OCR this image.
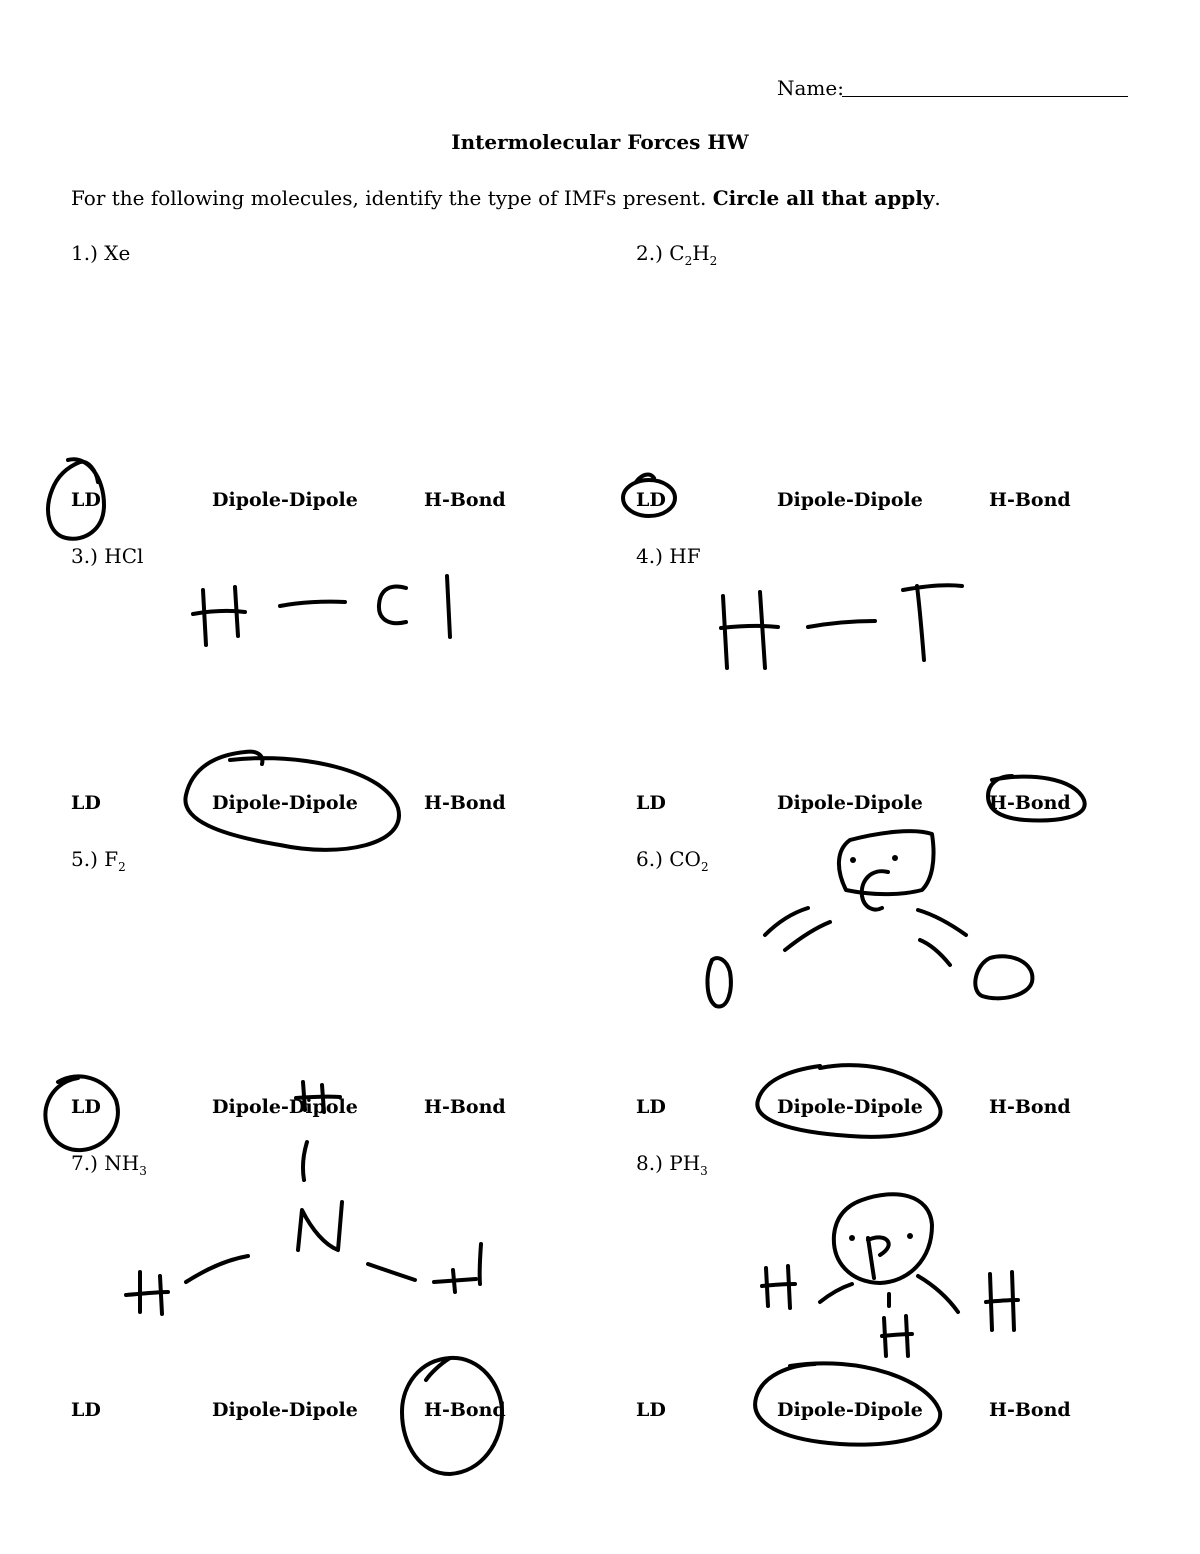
Name:
Intermolecular Forces HW
For the following molecules, identify the type of IMFs present. Circle all that apply.
1.) Xe	2.) $C_2H_2$
LD	Dipole-Dipole	H-Bond	LD	Dipole-Dipole	H-Bond
3.) HCl	4.) HF
LD	Dipole-Dipole	H-Bond	LD	Dipole-Dipole	H-Bond
5.) $F_2$	6.) $CO_2$
LD	Dipole-Dipole	H-Bond	LD	Dipole-Dipole	H-Bond
7.) $NH_3$	8.) $PH_3$
LD	Dipole-Dipole	H-Bond	LD	Dipole-Dipole	H-Bond
